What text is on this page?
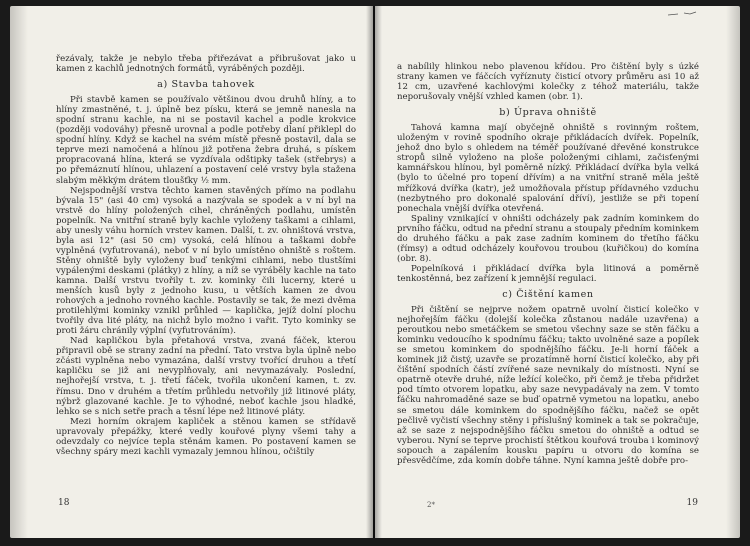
řezávaly, takže je nebylo třeba přiřezávat a přibrušovat jako u kamen z kachlů jednotných formátů, vyráběných později.

a) Stavba tahovek

Při stavbě kamen se používalo většinou dvou druhů hlíny, a to hlíny zmastněné, t. j. úplně bez písku, která se jemně nanesla na spodní stranu kachle, na ni se postavil kachel a podle krokvice (později vodováhy) přesně urovnal a podle potřeby dlaní přiklepl do spodní hlíny. Když se kachel na svém místě přesně postavil, dala se teprve mezi namočená a hlínou již potřena žebra druhá, s pískem propracovaná hlína, která se vyzdívala odštipky tašek (střebrys) a po přemáznutí hlínou, uhlazení a postavení celé vrstvy byla stažena slabým měkkým drátem tloušťky ½ mm.

Nejspodnější vrstva těchto kamen stavěných přímo na podlahu bývala 15" (asi 40 cm) vysoká a nazývala se spodek a v ní byl na vrstvě do hlíny položených cihel, chráněných podlahu, umístěn popelník. Na vnitřní straně byly kachle vyloženy taškami a cihlami, aby unesly váhu horních vrstev kamen. Další, t. zv. ohništová vrstva, byla asi 12" (asi 50 cm) vysoká, celá hlínou a taškami dobře vyplněná (vyfutrovaná), neboť v ní bylo umístěno ohniště s roštem. Stěny ohniště byly vyloženy buď tenkými cihlami, nebo tlustšími vypálenými deskami (plátky) z hlíny, a níž se vyráběly kachle na tato kamna. Další vrstvu tvořily t. zv. kominky čili lucerny, které u menších kusů byly z jednoho kusu, u větších kamen ze dvou rohových a jednoho rovného kachle. Postavily se tak, že mezi dvěma protilehlými kominky vznikl průhled — kaplička, jejíž dolní plochu tvořily dva lité pláty, na nichž bylo možno i vařit. Tyto kominky se proti žáru chránily výplní (vyfutrováním).

Nad kapličkou byla přetahová vrstva, zvaná fáček, kterou připravil obě se strany zadní na přední. Tato vrstva byla úplně nebo zčásti vyplněna nebo vymazána, další vrstvy tvořící druhou a třetí kapličku se již ani nevyplňovaly, ani nevymazávaly. Poslední, nejhořejší vrstva, t. j. třetí fáček, tvořila ukončení kamen, t. zv. římsu. Dno v druhém a třetím průhledu netvořily již litinové pláty, nýbrž glazované kachle. Je to výhodné, neboť kachle jsou hladké, lehko se s nich setře prach a těsní lépe než litinové pláty.

Mezi horním okrajem kapliček a stěnou kamen se střídavě upravovaly přepážky, které vedly kouřové plyny všemi tahy a odevzdaly co nejvíce tepla stěnám kamen. Po postavení kamen se všechny spáry mezi kachli vymazaly jemnou hlínou, očištily

18

a nabílily hlinkou nebo plavenou křídou. Pro čištění byly s úzké strany kamen ve fáčcích vyříznuty čisticí otvory průměru asi 10 až 12 cm, uzavřené kachlovými kolečky z téhož materiálu, takže neporušovaly vnější vzhled kamen (obr. 1).

b) Úprava ohniště

Tahová kamna mají obyčejně ohniště s rovinným roštem, uloženým v rovině spodního okraje přikládacích dvířek. Popelník, jehož dno bylo s ohledem na téměř používané dřevěné konstrukce stropů silně vyloženo na ploše položenými cihlami, začisťenými kamnářskou hlínou, byl poměrně nízký. Přikládací dvířka byla velká (bylo to účelné pro topení dřívím) a na vnitřní straně měla ještě mřížková dvířka (katr), jež umožňovala přístup přídavného vzduchu (nezbytného pro dokonalé spalování dříví), jestliže se při topení ponechala vnější dvířka otevřená.

Spaliny vznikající v ohništi odcházely pak zadním kominkem do prvního fáčku, odtud na přední stranu a stoupaly předním kominkem do druhého fáčku a pak zase zadním kominem do třetího fáčku (římsy) a odtud odcházely kouřovou troubou (kuřičkou) do komína (obr. 8).

Popelníková i přikládací dvířka byla litinová a poměrně tenkostěnná, bez zařízení k jemnější regulaci.

c) Čištění kamen

Při čištění se nejprve nožem opatrně uvolní čisticí kolečko v nejhořejším fáčku (dolejší kolečka zůstanou nadále uzavřena) a peroutkou nebo smetáčkem se smetou všechny saze se stěn fáčku a kominku vedoucího k spodnímu fáčku; takto uvolněné saze a popílek se smetou kominkem do spodnějšího fáčku. Je-li horní fáček a kominek již čistý, uzavře se prozatímně horní čisticí kolečko, aby při čištění spodních částí zvířené saze nevnikaly do místnosti. Nyní se opatrně otevře druhé, níže ležící kolečko, při čemž je třeba přidržet pod tímto otvorem lopatku, aby saze nevypadávaly na zem. V tomto fáčku nahromaděné saze se buď opatrně vymetou na lopatku, anebo se smetou dále kominkem do spodnějšího fáčku, načež se opět pečlivě vyčistí všechny stěny i příslušný kominek a tak se pokračuje, až se saze z nejspodnějšího fáčku smetou do ohniště a odtud se vyberou. Nyní se teprve prochistí štětkou kouřová trouba i kominový sopouch a zapálením kousku papíru u otvoru do komína se přesvědčíme, zda komín dobře táhne. Nyní kamna ještě dobře pro-

2*	19
